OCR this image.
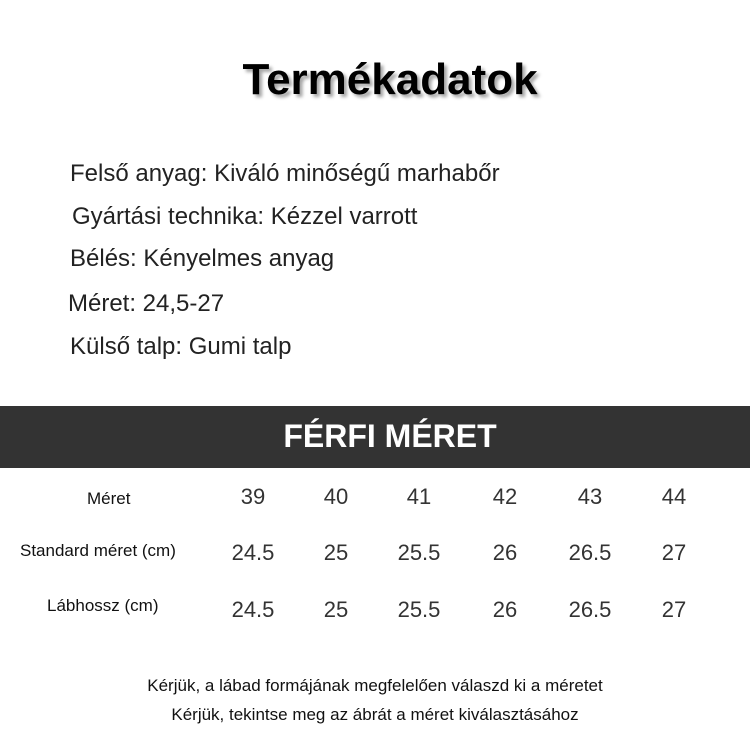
Termékadatok
Felső anyag: Kiváló minőségű marhabőr
Gyártási technika: Kézzel varrott
Bélés: Kényelmes anyag
Méret: 24,5-27
Külső talp: Gumi talp
FÉRFI MÉRET
Méret	39	40	41	42	43	44
Standard méret (cm)	24.5	25	25.5	26	26.5	27
Lábhossz (cm)	24.5	25	25.5	26	26.5	27
Kérjük, a lábad formájának megfelelően válaszd ki a méretet
Kérjük, tekintse meg az ábrát a méret kiválasztásához
